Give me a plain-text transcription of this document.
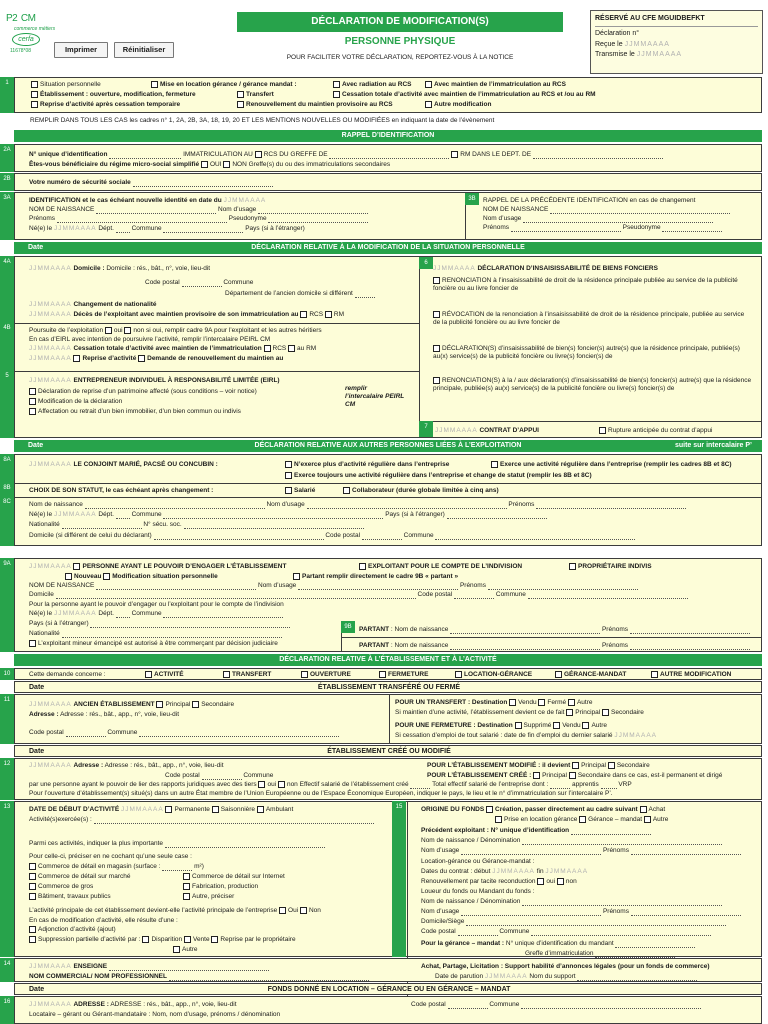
P2 CM
commerce métiers
cerfa
11678*08	Imprimer	Réinitialiser
DÉCLARATION DE MODIFICATION(S)
PERSONNE PHYSIQUE
POUR FACILITER VOTRE DÉCLARATION, REPORTEZ-VOUS À LA NOTICE
RÉSERVÉ AU CFE MGUIDBEFKT
Déclaration n°
Reçue le JJMMAAAA
Transmise le JJMMAAAA
Situation personnelle	Mise en location gérance / gérance mandat :	Avec radiation au RCS	Avec maintien de l’immatriculation au RCS
Établissement : ouverture, modification, fermeture	Transfert	Cessation totale d’activité avec maintien de l’immatriculation au RCS et /ou au RM
Reprise d’activité après cessation temporaire	Renouvellement du maintien provisoire au RCS	Autre modification
1
REMPLIR DANS TOUS LES CAS les cadres n° 1, 2A, 2B, 3A, 18, 19, 20 ET LES MENTIONS NOUVELLES OU MODIFIÉES en indiquant la date de l’évènement
RAPPEL D’IDENTIFICATION
N° unique d’identification	IMMATRICULATION AU RCS DU GREFFE DE	RM DANS LE DEPT. DE
Êtes-vous bénéficiaire du régime micro-social simplifié OUI NON Greffe(s) du ou des immatriculations secondaires
2A
Votre numéro de sécurité sociale
2B
IDENTIFICATION et le cas échéant nouvelle identité en date du JJMMAAAA
NOM DE NAISSANCE	Nom d’usage
Prénoms	Pseudonyme
Né(e) le JJMMAAAA Dépt.	Commune	Pays (si à l’étranger)
3B	RAPPEL DE LA PRÉCÉDENTE IDENTIFICATION en cas de changement
NOM DE NAISSANCE
Nom d’usage
Prénoms	Pseudonyme
3A
Date	DÉCLARATION RELATIVE À LA MODIFICATION DE LA SITUATION PERSONNELLE
JJMMAAAA Domicile : Domicile : rés., bât., n°, voie, lieu-dit
Code postal	Commune
Département de l’ancien domicile si différent
JJMMAAAA Changement de nationalité
JJMMAAAA Décès de l’exploitant avec maintien provisoire de son immatriculation au RCS RM
Poursuite de l’exploitation oui non si oui, remplir cadre 9A pour l’exploitant et les autres héritiers
En cas d’EIRL avec intention de poursuivre l’activité, remplir l’intercalaire PEIRL CM
JJMMAAAA Cessation totale d’activité avec maintien de l’immatriculation RCS au RM
JJMMAAAA Reprise d’activité Demande de renouvellement du maintien au
JJMMAAAA ENTREPRENEUR INDIVIDUEL À RESPONSABILITÉ LIMITÉE (EIRL)
Déclaration de reprise d’un patrimoine affecté (sous conditions – voir notice)
Modification de la déclaration
Affectation ou retrait d’un bien immobilier, d’un bien commun ou indivis
remplir l’intercalaire PEIRL CM
JJMMAAAA DÉCLARATION D’INSAISISSABILITÉ DE BIENS FONCIERS
RENONCIATION à l’insaisissabilité de droit de la résidence principale publiée au service de la publicité foncière ou au livre foncier de
RÉVOCATION de la renonciation à l’insaisissabilité de droit de la résidence principale, publiée au service de la publicité foncière ou au livre foncier de
DÉCLARATION(S) d’insaisissabilité de bien(s) foncier(s) autre(s) que la résidence principale, publiée(s) au(x) service(s) de la publicité foncière ou livre(s) foncier(s) de
RENONCIATION(S) à la / aux déclaration(s) d’insaisissabilité de bien(s) foncier(s) autre(s) que la résidence principale, publiée(s) au(x) service(s) de la publicité foncière ou livre(s) foncier(s) de
6
7	JJMMAAAA CONTRAT D’APPUI	Rupture anticipée du contrat d’appui
4A
4B
5
Date	DÉCLARATION RELATIVE AUX AUTRES PERSONNES LIÉES À L’EXPLOITATION	suite sur intercalaire P’
JJMMAAAA LE CONJOINT MARIÉ, PACSÉ OU CONCUBIN :	N’exerce plus d’activité régulière dans l’entreprise	Exerce une activité régulière dans l’entreprise (remplir les cadres 8B et 8C)
Exerce toujours une activité régulière dans l’entreprise et change de statut (remplir les 8B et 8C)
CHOIX DE SON STATUT, le cas échéant après changement :	Salarié	Collaborateur (durée globale limitée à cinq ans)
Nom de naissance	Nom d’usage	Prénoms
Né(e) le JJMMAAAA Dépt.	Commune	Pays (si à l’étranger)
Nationalité	N° sécu. soc.
Domicile (si différent de celui du déclarant)	Code postal	Commune
8A
8B
8C
JJMMAAAA PERSONNE AYANT LE POUVOIR D’ENGAGER L’ÉTABLISSEMENT	EXPLOITANT POUR LE COMPTE DE L’INDIVISION	PROPRIÉTAIRE INDIVIS
Nouveau Modification situation personnelle	Partant remplir directement le cadre 9B « partant »
NOM DE NAISSANCE	Nom d’usage	Prénoms
Domicile	Code postal	Commune
Pour la personne ayant le pouvoir d’engager ou l’exploitant pour le compte de l’indivision
Né(e) le JJMMAAAA Dépt.	Commune
Pays (si à l’étranger)
Nationalité
L’exploitant mineur émancipé est autorisé à être commerçant par décision judiciaire
9B	PARTANT : Nom de naissance	Prénoms
PARTANT : Nom de naissance	Prénoms
9A
DÉCLARATION RELATIVE À L’ÉTABLISSEMENT ET À L’ACTIVITÉ
Cette demande concerne :	ACTIVITÉ	TRANSFERT	OUVERTURE	FERMETURE	LOCATION-GÉRANCE	GÉRANCE-MANDAT	AUTRE MODIFICATION
10
Date	ÉTABLISSEMENT TRANSFÉRÉ OU FERMÉ
JJMMAAAA ANCIEN ÉTABLISSEMENT Principal Secondaire
Adresse : Adresse : rés., bât., app., n°, voie, lieu-dit
Code postal	Commune
POUR UN TRANSFERT : Destination Vendu Fermé Autre
Si maintien d’une activité, l’établissement devient ce de fait Principal Secondaire
POUR UNE FERMETURE : Destination Supprimé Vendu Autre
Si cessation d’emploi de tout salarié : date de fin d’emploi du dernier salarié JJMMAAAA
11
Date	ÉTABLISSEMENT CRÉÉ OU MODIFIÉ
JJMMAAAA Adresse : Adresse : rés., bât., app., n°, voie, lieu-dit
Code postal	Commune
POUR L’ÉTABLISSEMENT MODIFIÉ : il devient Principal Secondaire
POUR L’ÉTABLISSEMENT CRÉÉ : Principal Secondaire dans ce cas, est-il permanent et dirigé
par une personne ayant le pouvoir de lier des rapports juridiques avec des tiers oui non Effectif salarié de l’établissement créé	Total effectif salarié de l’entreprise dont :	apprentis	VRP
Pour l’ouverture d’établissement(s) situé(s) dans un autre État membre de l’Union Européenne ou de l’Espace Économique Européen, indiquer le pays, le lieu et le n° d’immatriculation sur l’intercalaire P’.
12
DATE DE DÉBUT D’ACTIVITÉ JJMMAAAA Permanente Saisonnière Ambulant
Activité(s)exercée(s) :
Parmi ces activités, indiquer la plus importante
Pour celle-ci, préciser en ne cochant qu’une seule case :
Commerce de détail en magasin (surface :	m²)
Commerce de détail sur marché	Commerce de détail sur Internet
Commerce de gros	Fabrication, production
Bâtiment, travaux publics	Autre, préciser
L’activité principale de cet établissement devient-elle l’activité principale de l’entreprise Oui Non
En cas de modification d’activité, elle résulte d’une :
Adjonction d’activité (ajout)
Suppression partielle d’activité par : Disparition Vente Reprise par le propriétaire
Autre
ORIGINE DU FONDS Création, passer directement au cadre suivant Achat
Prise en location gérance Gérance – mandat Autre
Précédent exploitant : N° unique d’identification
Nom de naissance / Dénomination
Nom d’usage	Prénoms
Location-gérance ou Gérance-mandat :
Dates du contrat : début JJMMAAAA fin JJMMAAAA
Renouvellement par tacite reconduction oui non
Loueur du fonds ou Mandant du fonds :
Nom de naissance / Dénomination
Nom d’usage	Prénoms
Domicile/Siège
Code postal	Commune
Pour la gérance – mandat : N° unique d’identification du mandant
Greffe d’immatriculation
13	15
JJMMAAAA ENSEIGNE
NOM COMMERCIAL/ NOM PROFESSIONNEL
Achat, Partage, Licitation : Support habilité d’annonces légales (pour un fonds de commerce)
Date de parution JJMMAAAA Nom du support
14
Date	FONDS DONNÉ EN LOCATION – GÉRANCE OU EN GÉRANCE – MANDAT
JJMMAAAA ADRESSE : ADRESSE : rés., bât., app., n°, voie, lieu-dit	Code postal	Commune
Locataire – gérant ou Gérant-mandataire : Nom, nom d’usage, prénoms / dénomination
16
